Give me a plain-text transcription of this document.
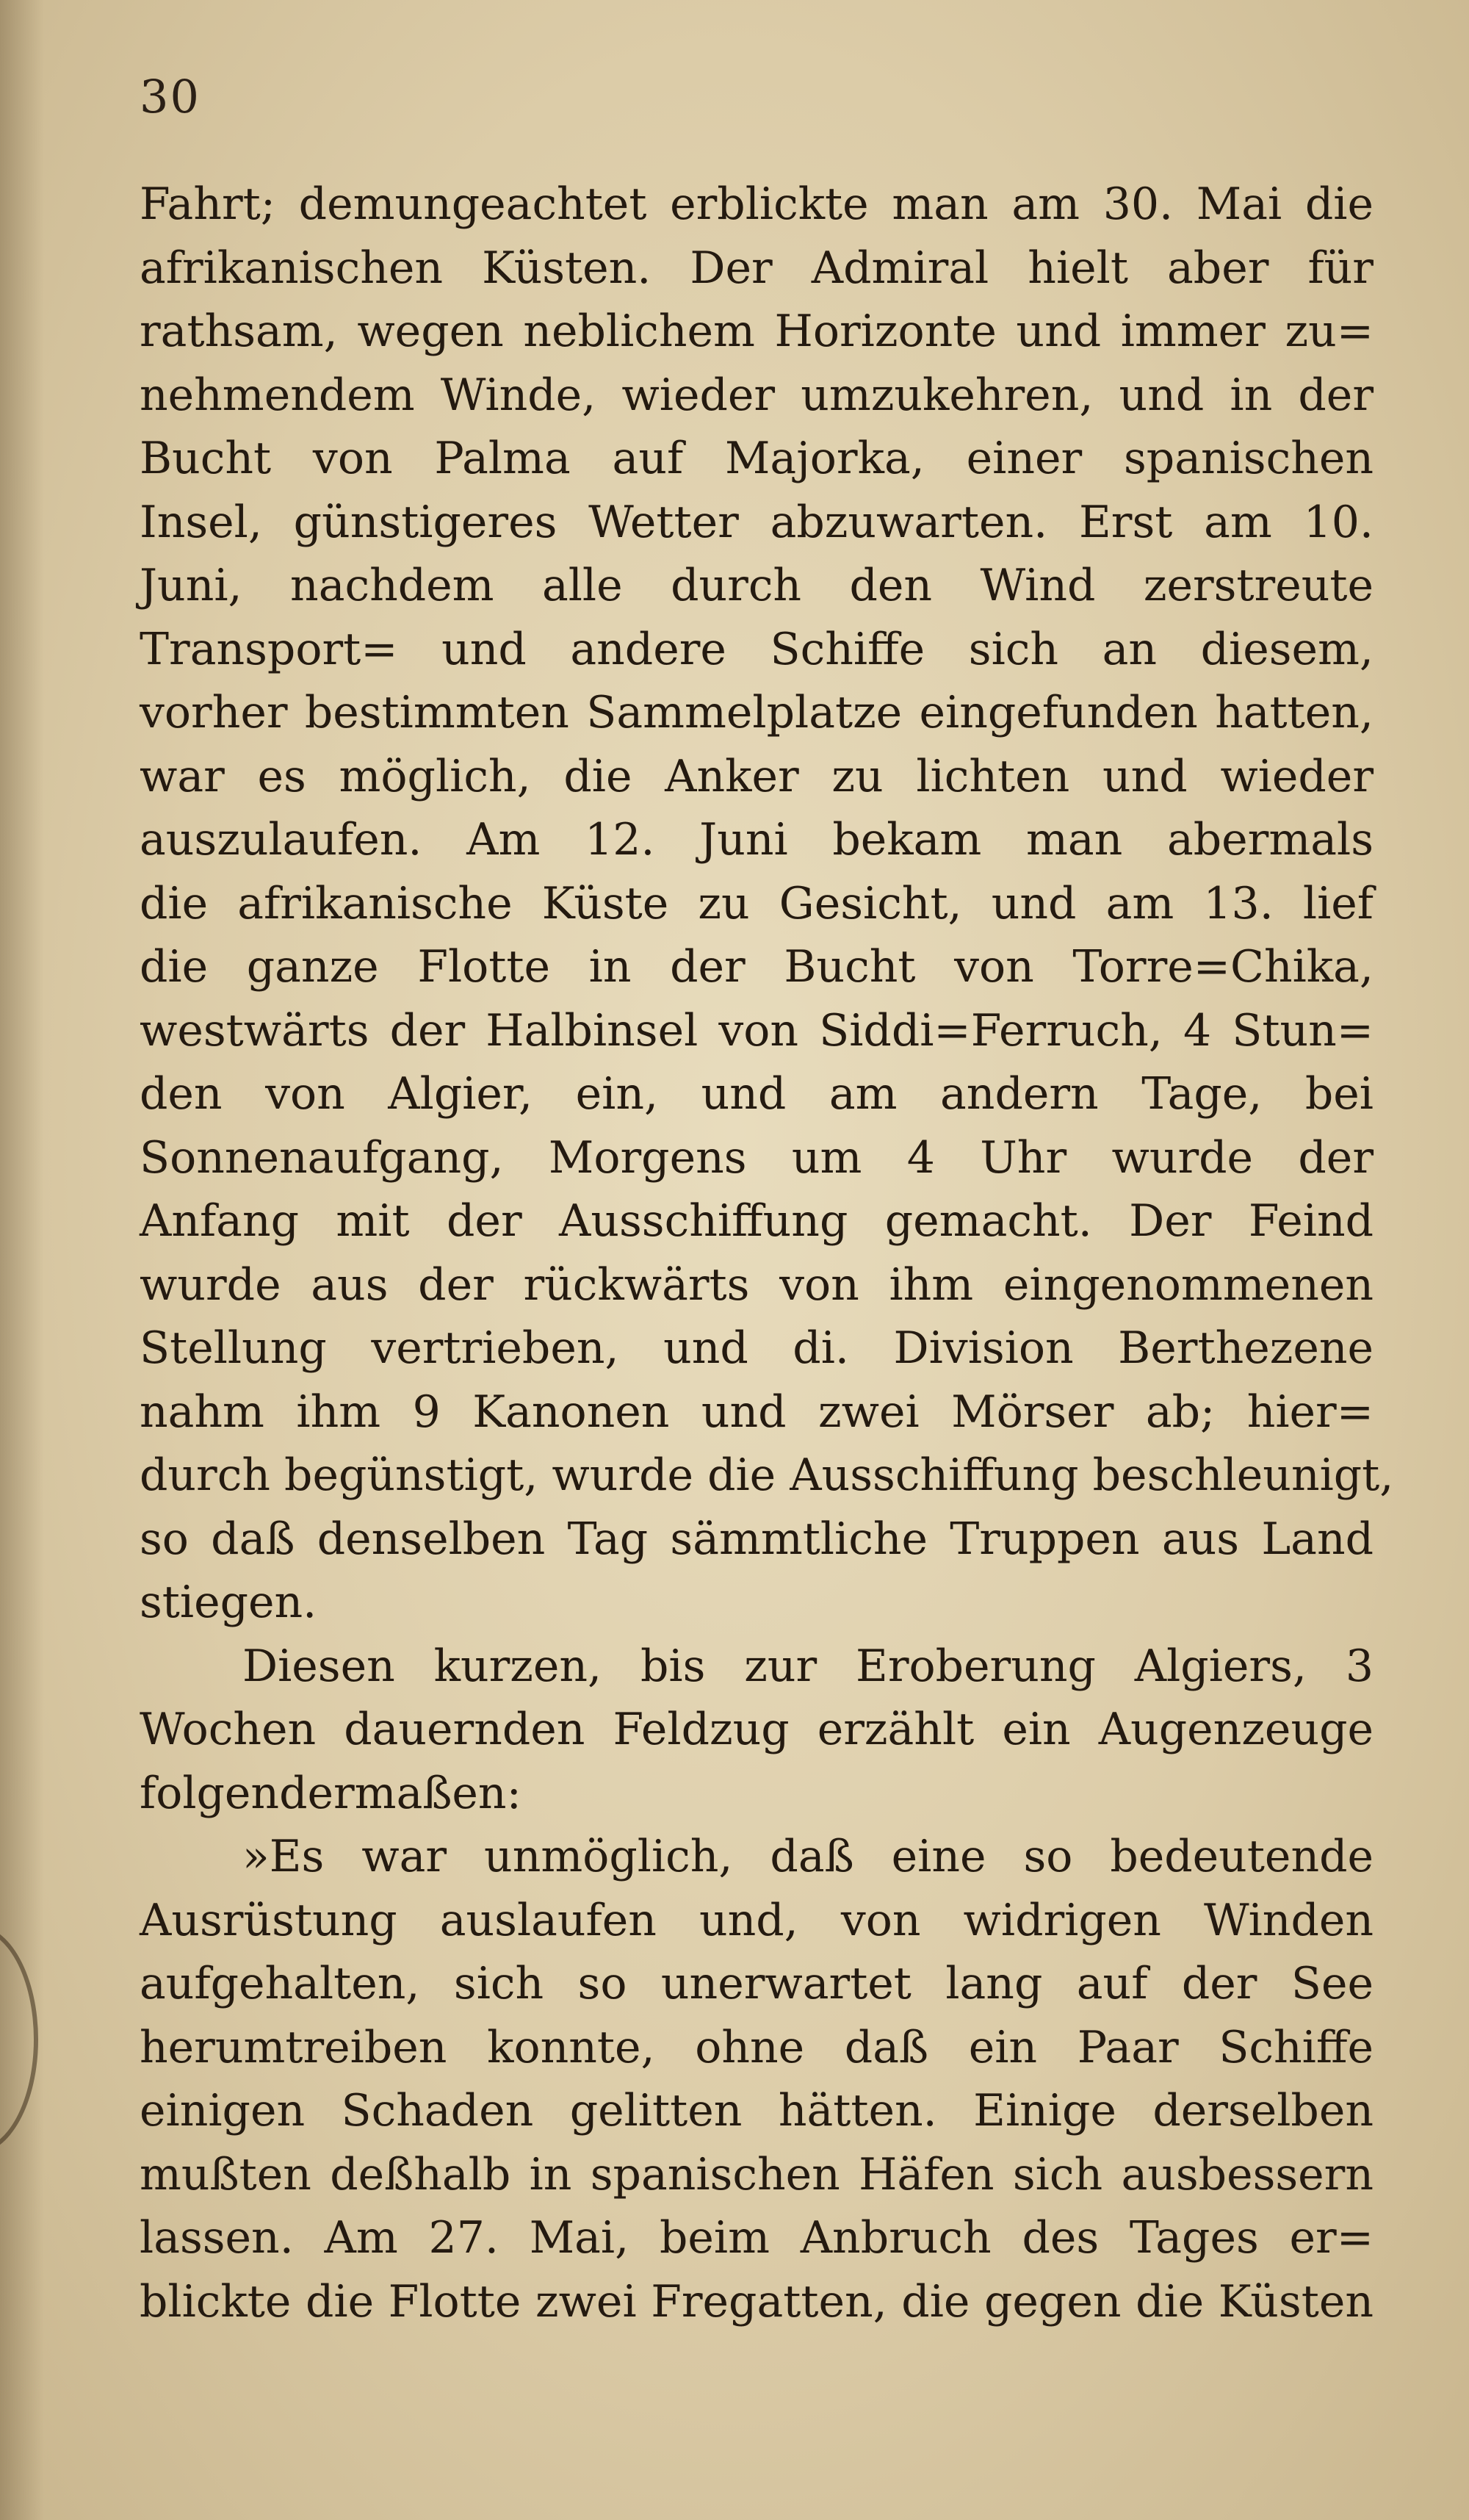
30
Fahrt; demungeachtet erblickte man am 30. Mai die
afrikanischen Küsten. Der Admiral hielt aber für
rathsam, wegen neblichem Horizonte und immer zu=
nehmendem Winde, wieder umzukehren, und in der
Bucht von Palma auf Majorka, einer spanischen
Insel, günstigeres Wetter abzuwarten. Erst am 10.
Juni, nachdem alle durch den Wind zerstreute
Transport= und andere Schiffe sich an diesem,
vorher bestimmten Sammelplatze eingefunden hatten,
war es möglich, die Anker zu lichten und wieder
auszulaufen. Am 12. Juni bekam man abermals
die afrikanische Küste zu Gesicht, und am 13. lief
die ganze Flotte in der Bucht von Torre=Chika,
westwärts der Halbinsel von Siddi=Ferruch, 4 Stun=
den von Algier, ein, und am andern Tage, bei
Sonnenaufgang, Morgens um 4 Uhr wurde der
Anfang mit der Ausschiffung gemacht. Der Feind
wurde aus der rückwärts von ihm eingenommenen
Stellung vertrieben, und di. Division Berthezene
nahm ihm 9 Kanonen und zwei Mörser ab; hier=
durch begünstigt, wurde die Ausschiffung beschleunigt,
so daß denselben Tag sämmtliche Truppen aus Land
stiegen.
Diesen kurzen, bis zur Eroberung Algiers, 3
Wochen dauernden Feldzug erzählt ein Augenzeuge
folgendermaßen:
»Es war unmöglich, daß eine so bedeutende
Ausrüstung auslaufen und, von widrigen Winden
aufgehalten, sich so unerwartet lang auf der See
herumtreiben konnte, ohne daß ein Paar Schiffe
einigen Schaden gelitten hätten. Einige derselben
mußten deßhalb in spanischen Häfen sich ausbessern
lassen. Am 27. Mai, beim Anbruch des Tages er=
blickte die Flotte zwei Fregatten, die gegen die Küsten
